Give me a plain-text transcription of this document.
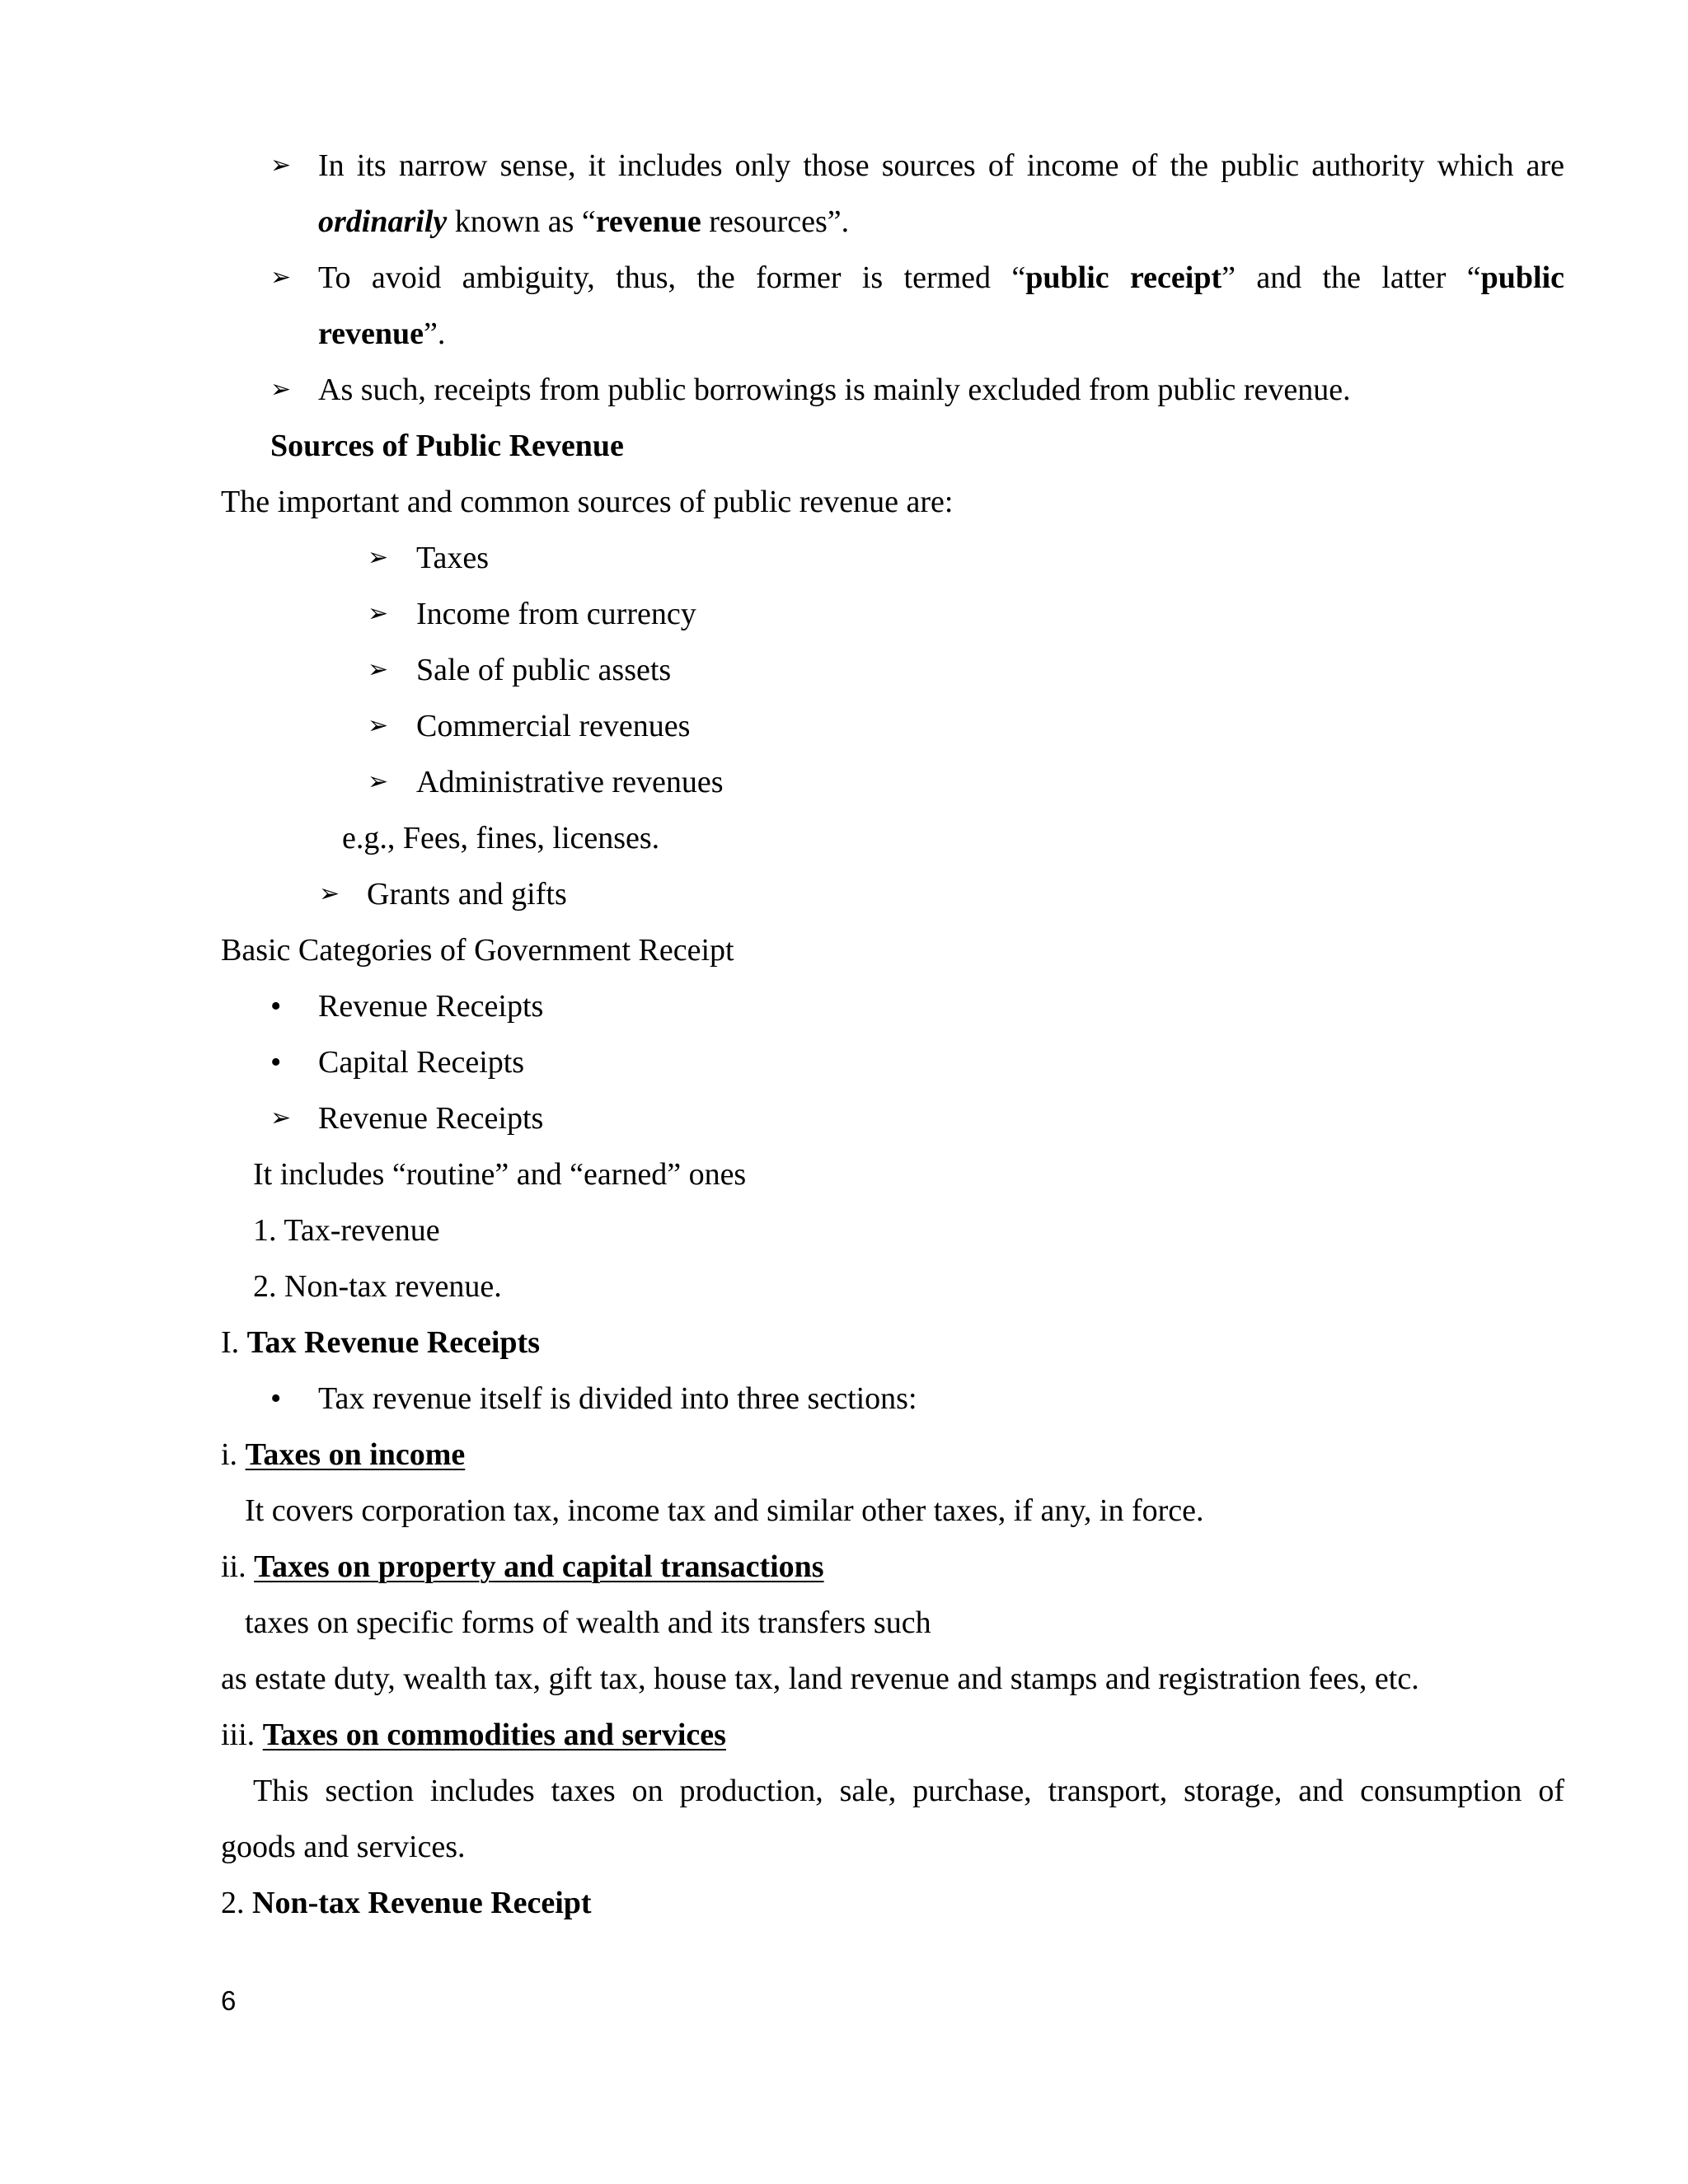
➢ In its narrow sense, it includes only those sources of income of the public authority which are
ordinarily known as “revenue resources”.
➢ To avoid ambiguity, thus, the former is termed “public receipt” and the latter “public
revenue”.
➢ As such, receipts from public borrowings is mainly excluded from public revenue.
Sources of Public Revenue
The important and common sources of public revenue are:
➢ Taxes
➢ Income from currency
➢ Sale of public assets
➢ Commercial revenues
➢ Administrative revenues
e.g., Fees, fines, licenses.
➢ Grants and gifts
Basic Categories of Government Receipt
• Revenue Receipts
• Capital Receipts
➢ Revenue Receipts
It includes “routine” and “earned” ones
1. Tax-revenue
2. Non-tax revenue.
I. Tax Revenue Receipts
• Tax revenue itself is divided into three sections:
i. Taxes on income
It covers corporation tax, income tax and similar other taxes, if any, in force.
ii. Taxes on property and capital transactions
taxes on specific forms of wealth and its transfers such
as estate duty, wealth tax, gift tax, house tax, land revenue and stamps and registration fees, etc.
iii. Taxes on commodities and services
This section includes taxes on production, sale, purchase, transport, storage, and consumption of
goods and services.
2. Non-tax Revenue Receipt
6
